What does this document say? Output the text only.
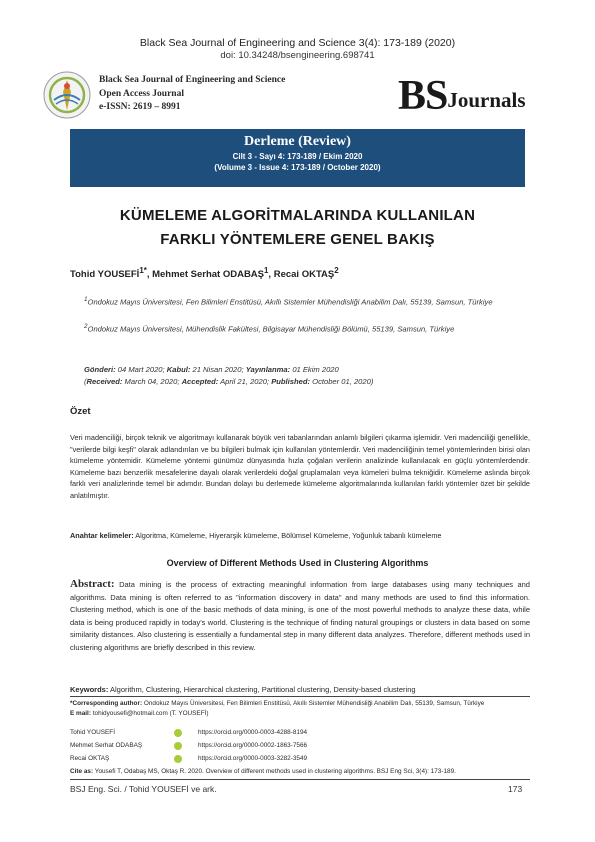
Black Sea Journal of Engineering and Science 3(4): 173-189 (2020)
doi: 10.34248/bsengineering.698741
Black Sea Journal of Engineering and Science
Open Access Journal
e-ISSN: 2619 – 8991	BSJournals
Derleme (Review)
Cilt 3 - Sayı 4: 173-189 / Ekim 2020
(Volume 3 - Issue 4: 173-189 / October 2020)
KÜMELEME ALGORİTMALARINDA KULLANILAN
FARKLI YÖNTEMLERE GENEL BAKIŞ
Tohid $YOUSEFİ^{1*}$, Mehmet Serhat ODABAŞ$^1$, Recai OKTAŞ$^2$
$^1$Ondokuz Mayıs Üniversitesi, Fen Bilimleri Enstitüsü, Akıllı Sistemler Mühendisliği Anabilim Dalı, 55139, Samsun, Türkiye
$^2$Ondokuz Mayıs Üniversitesi, Mühendislik Fakültesi, Bilgisayar Mühendisliği Bölümü, 55139, Samsun, Türkiye
Gönderi: 04 Mart 2020; Kabul: 21 Nisan 2020; Yayınlanma: 01 Ekim 2020
(Received: March 04, 2020; Accepted: April 21, 2020; Published: October 01, 2020)
Özet
Veri madenciliği, birçok teknik ve algoritmayı kullanarak büyük veri tabanlarından anlamlı bilgileri çıkarma işlemidir. Veri madenciliği genellikle, "verilerde bilgi keşfi" olarak adlandırılan ve bu bilgileri bulmak için kullanılan yöntemlerdir. Veri madenciliğinin temel yöntemlerinden birisi olan kümeleme yöntemidir. Kümeleme yöntemi günümüz dünyasında hızla çoğalan verilerin analizinde kullanılacak en güçlü yöntemlerdendir. Kümeleme bazı benzerlik mesafelerine dayalı olarak verilerdeki doğal gruplamaları veya kümeleri bulma tekniğidir. Kümeleme aslında birçok farklı veri analizlerinde temel bir adımdır. Bundan dolayı bu derlemede kümeleme algoritmalarında kullanılan farklı yöntemler özet bir şekilde anlatılmıştır.
Anahtar kelimeler: Algoritma, Kümeleme, Hiyerarşik kümeleme, Bölümsel Kümeleme, Yoğunluk tabanlı kümeleme
Overview of Different Methods Used in Clustering Algorithms
Abstract: Data mining is the process of extracting meaningful information from large databases using many techniques and algorithms. Data mining is often referred to as "information discovery in data" and many methods are used to find this information. Clustering method, which is one of the basic methods of data mining, is one of the most powerful methods to analyze these data, while data is being produced rapidly in today's world. Clustering is the technique of finding natural groupings or clusters in data based on some similarity distances. Also clustering is essentially a fundamental step in many different data analyzes. Therefore, different methods used in clustering algorithms are briefly described in this review.
Keywords: Algorithm, Clustering, Hierarchical clustering, Partitional clustering, Density-based clustering
*Corresponding author: Ondokuz Mayıs Üniversitesi, Fen Bilimleri Enstitüsü, Akıllı Sistemler Mühendisliği Anabilim Dalı, 55139, Samsun, Türkiye
E mail: tohidyousefi@hotmail.com (T. YOUSEFİ)
Tohid YOUSEFİ	https://orcid.org/0000-0003-4288-8194
Mehmet Serhat ODABAŞ	https://orcid.org/0000-0002-1863-7566
Recai OKTAŞ	https://orcid.org/0000-0003-3282-3549
Cite as: Yousefi T, Odabaş MS, Oktaş R. 2020. Overview of different methods used in clustering algorithms. BSJ Eng Sci, 3(4): 173-189.
BSJ Eng. Sci. / Tohid YOUSEFİ ve ark.	173
